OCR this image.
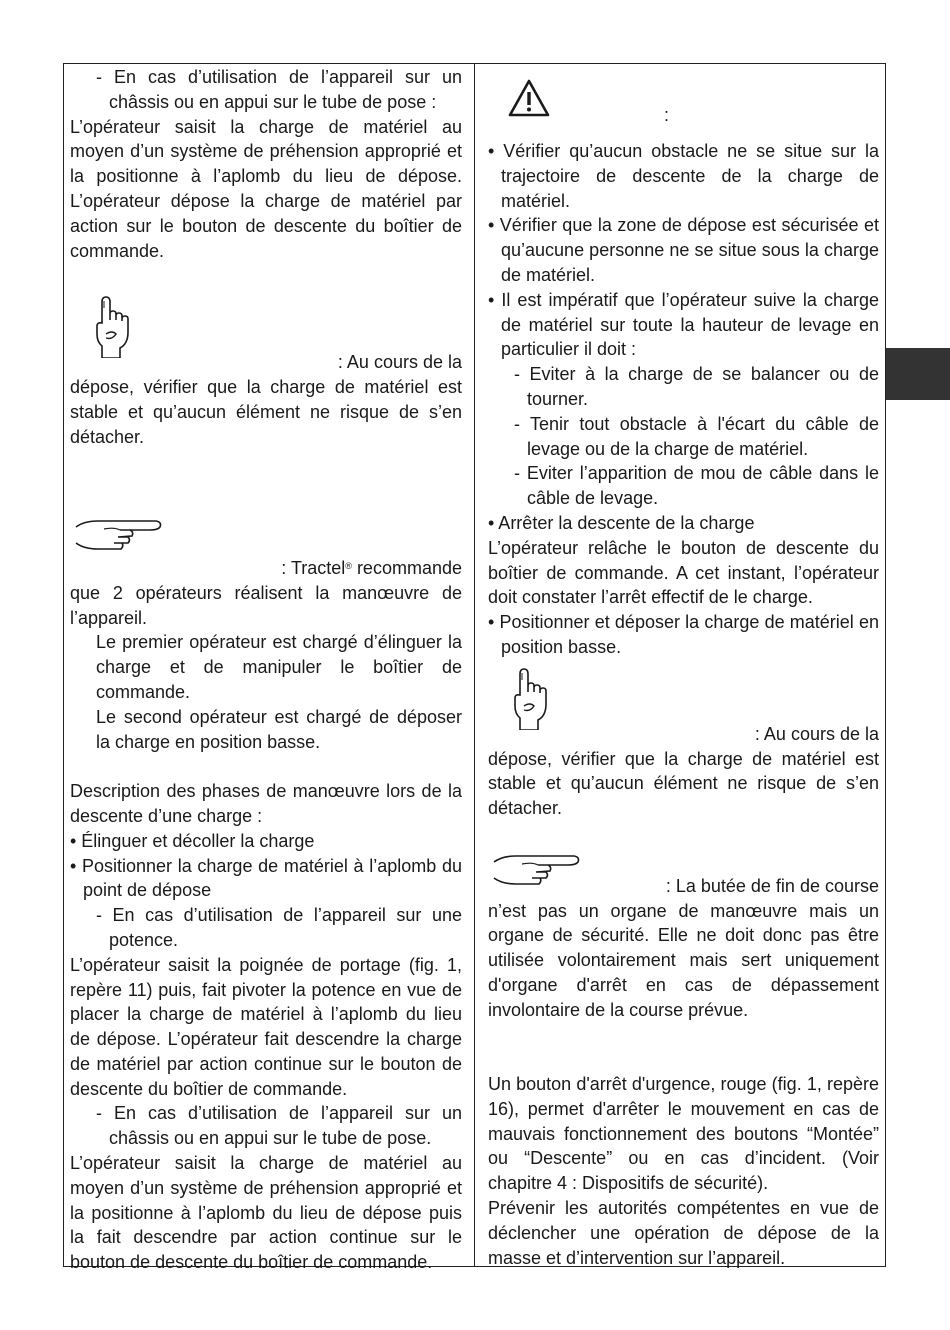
- En cas d’utilisation de l’appareil sur un châssis ou en appui sur le tube de pose :

L’opérateur saisit la charge de matériel au moyen d’un système de préhension approprié et la positionne à l’aplomb du lieu de dépose. L’opérateur dépose la charge de matériel par action sur le bouton de descente du boîtier de commande.

: Au cours de la

dépose, vérifier que la charge de matériel est stable et qu’aucun élément ne risque de s’en détacher.

: Tractel® recommande

que 2 opérateurs réalisent la manœuvre de l’appareil.

Le premier opérateur est chargé d’élinguer la charge et de manipuler le boîtier de commande.

Le second opérateur est chargé de déposer la charge en position basse.

Description des phases de manœuvre lors de la descente d’une charge :

• Élinguer et décoller la charge

• Positionner la charge de matériel à l’aplomb du point de dépose

- En cas d’utilisation de l’appareil sur une potence.

L’opérateur saisit la poignée de portage (fig. 1, repère 11) puis, fait pivoter la potence en vue de placer la charge de matériel à l’aplomb du lieu de dépose. L’opérateur fait descendre la charge de matériel par action continue sur le bouton de descente du boîtier de commande.

- En cas d’utilisation de l’appareil sur un châssis ou en appui sur le tube de pose.

L’opérateur saisit la charge de matériel au moyen d’un système de préhension approprié et la positionne à l’aplomb du lieu de dépose puis la fait descendre par action continue sur le bouton de descente du boîtier de commande.

:

• Vérifier qu’aucun obstacle ne se situe sur la trajectoire de descente de la charge de matériel.

• Vérifier que la zone de dépose est sécurisée et qu’aucune personne ne se situe sous la charge de matériel.

• Il est impératif que l’opérateur suive la charge de matériel sur toute la hauteur de levage en particulier il doit :

- Eviter à la charge de se balancer ou de tourner.

- Tenir tout obstacle à l'écart du câble de levage ou de la charge de matériel.

- Eviter l’apparition de mou de câble dans le câble de levage.

• Arrêter la descente de la charge

L’opérateur relâche le bouton de descente du boîtier de commande. A cet instant, l’opérateur doit constater l’arrêt effectif de le charge.

• Positionner et déposer la charge de matériel en position basse.

: Au cours de la

dépose, vérifier que la charge de matériel est stable et qu’aucun élément ne risque de s’en détacher.

: La butée de fin de course

n’est pas un organe de manœuvre mais un organe de sécurité. Elle ne doit donc pas être utilisée volontairement mais sert uniquement d'organe d'arrêt en cas de dépassement involontaire de la course prévue.

Un bouton d'arrêt d'urgence, rouge (fig. 1, repère 16), permet d'arrêter le mouvement en cas de mauvais fonctionnement des boutons “Montée” ou “Descente” ou en cas d’incident. (Voir chapitre 4 : Dispositifs de sécurité).

Prévenir les autorités compétentes en vue de déclencher une opération de dépose de la masse et d’intervention sur l’appareil.
